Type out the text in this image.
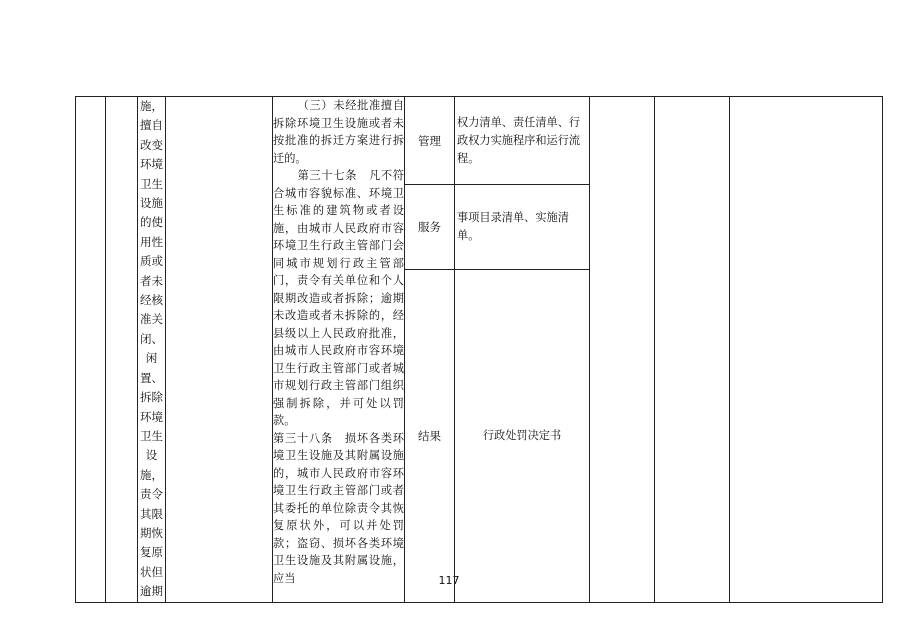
		施，擅自改变环境卫生设施的使用性质或者未经核准关闭、闲置、拆除环境卫生设施，责令其限期恢复原状但逾期		（三）未经批准擅自拆除环境卫生设施或者未按批准的拆迁方案进行拆迁的。

第三十七条　凡不符合城市容貌标准、环境卫生标准的建筑物或者设施，由城市人民政府市容环境卫生行政主管部门会同城市规划行政主管部门，责令有关单位和个人限期改造或者拆除；逾期未改造或者未拆除的，经县级以上人民政府批准，由城市人民政府市容环境卫生行政主管部门或者城市规划行政主管部门组织强制拆除，并可处以罚款。

第三十八条　损坏各类环境卫生设施及其附属设施的，城市人民政府市容环境卫生行政主管部门或者其委托的单位除责令其恢复原状外，可以并处罚款；盗窃、损坏各类环境卫生设施及其附属设施，应当	管理	权力清单、责任清单、行政权力实施程序和运行流程。			
					服务	事项目录清单、实施清单。			
					结果	行政处罚决定书			
117
